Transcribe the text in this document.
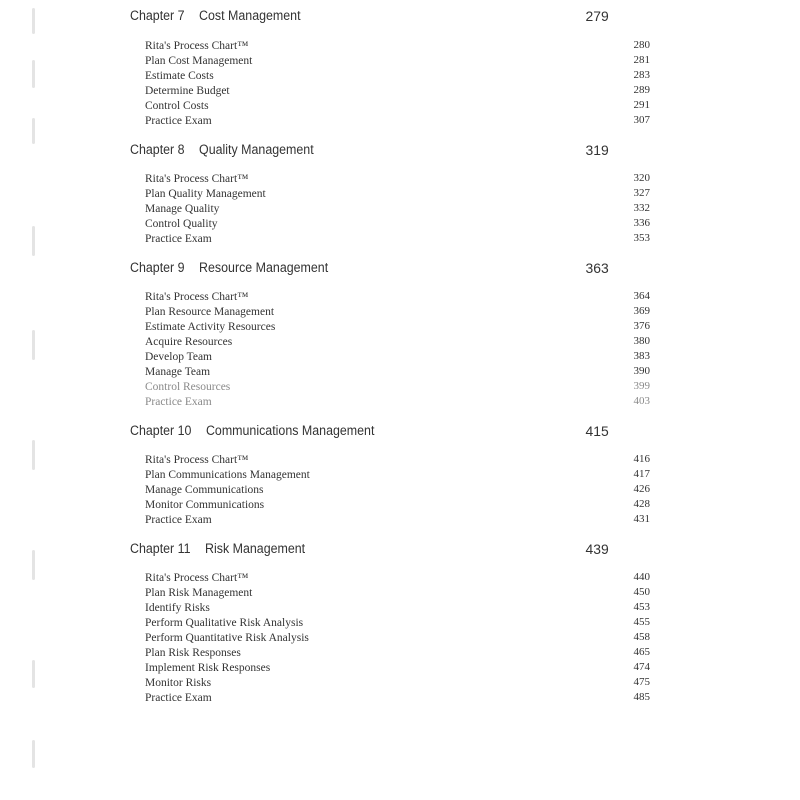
Chapter 7 Cost Management	279
Rita's Process Chart™	280
Plan Cost Management	281
Estimate Costs	283
Determine Budget	289
Control Costs	291
Practice Exam	307
Chapter 8 Quality Management	319
Rita's Process Chart™	320
Plan Quality Management	327
Manage Quality	332
Control Quality	336
Practice Exam	353
Chapter 9 Resource Management	363
Rita's Process Chart™	364
Plan Resource Management	369
Estimate Activity Resources	376
Acquire Resources	380
Develop Team	383
Manage Team	390
Control Resources	399
Practice Exam	403
Chapter 10 Communications Management	415
Rita's Process Chart™	416
Plan Communications Management	417
Manage Communications	426
Monitor Communications	428
Practice Exam	431
Chapter 11 Risk Management	439
Rita's Process Chart™	440
Plan Risk Management	450
Identify Risks	453
Perform Qualitative Risk Analysis	455
Perform Quantitative Risk Analysis	458
Plan Risk Responses	465
Implement Risk Responses	474
Monitor Risks	475
Practice Exam	485
